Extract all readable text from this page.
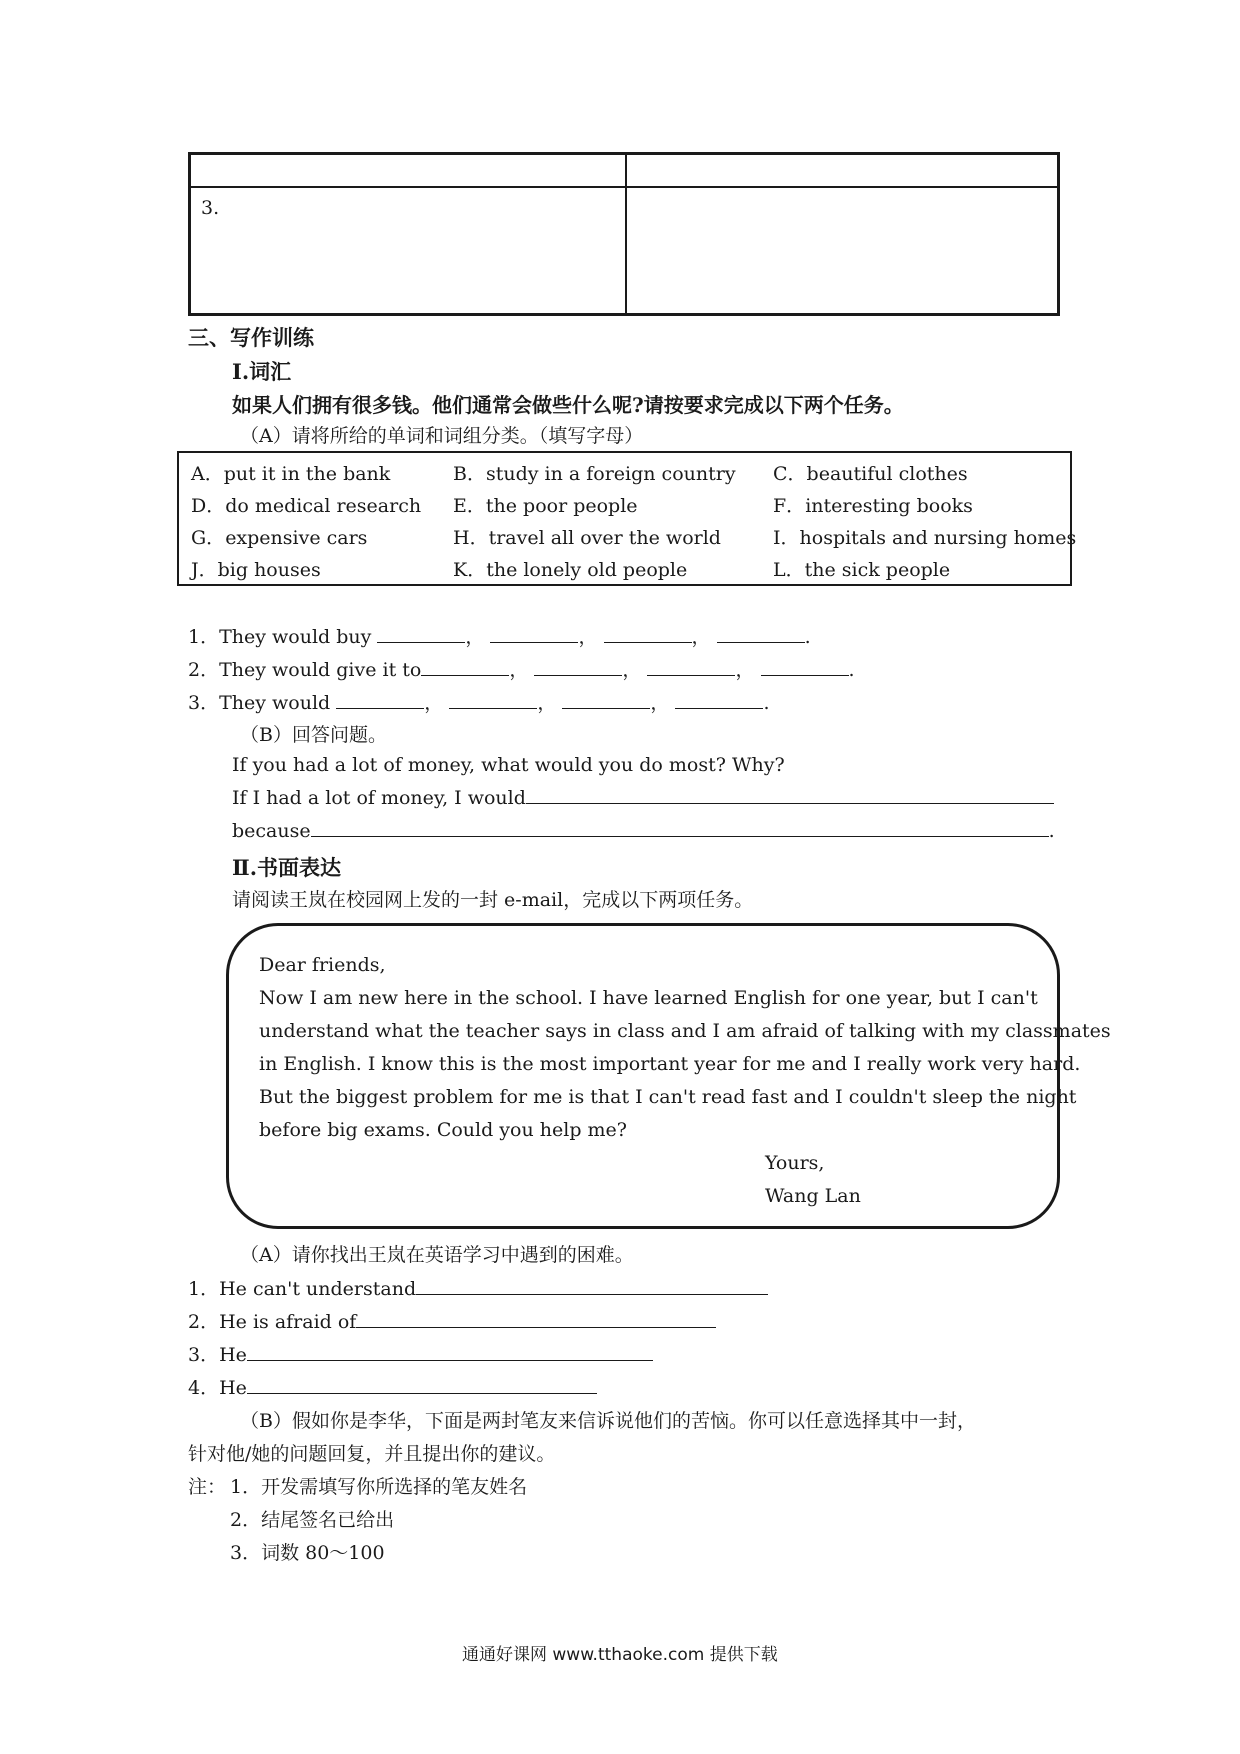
3.
三、写作训练
Ⅰ.词汇
如果人们拥有很多钱。他们通常会做些什么呢?请按要求完成以下两个任务。
（A）请将所给的单词和词组分类。（填写字母）
A．put it in the bank	B．study in a foreign country C．beautiful clothes
D．do medical research E．the poor people	F．interesting books
G．expensive cars	H．travel all over the world	I．hospitals and nursing homes
J．big houses	K．the lonely old people	L．the sick people
1．They would buy	，	，	，	.
2．They would give it to	，	，	，	.
3．They would	，	，	，	.
（B）回答问题。
If you had a lot of money, what would you do most? Why?
If I had a lot of money, I would
because	.
Ⅱ.书面表达
请阅读王岚在校园网上发的一封 e-mail，完成以下两项任务。
Dear friends,
Now I am new here in the school. I have learned English for one year, but I can't
understand what the teacher says in class and I am afraid of talking with my classmates
in English. I know this is the most important year for me and I really work very hard.
But the biggest problem for me is that I can't read fast and I couldn't sleep the night
before big exams. Could you help me?
Yours,
Wang Lan
（A）请你找出王岚在英语学习中遇到的困难。
1．He can't understand
2．He is afraid of
3．He
4．He
（B）假如你是李华，下面是两封笔友来信诉说他们的苦恼。你可以任意选择其中一封，
针对他/她的问题回复，并且提出你的建议。
注： 1．开发需填写你所选择的笔友姓名
2．结尾签名已给出
3．词数 80～100
通通好课网 www.tthaoke.com 提供下载
